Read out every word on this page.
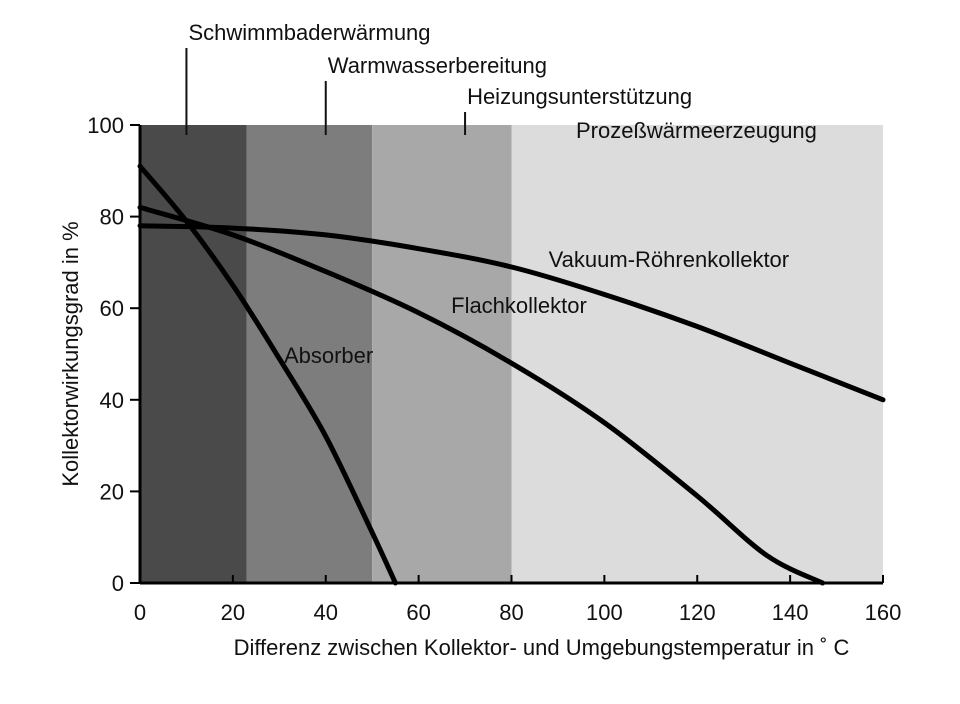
Schwimmbaderwärmung
Warmwasserbereitung
Heizungsunterstützung
Prozeßwärmeerzeugung
Vakuum-Röhrenkollektor
Flachkollektor
Absorber
0	20	40	60	80	100	120	140	160
0
20
40
60
80
100
Differenz zwischen Kollektor- und Umgebungstemperatur in ˚ C
Kollektorwirkungsgrad in %
